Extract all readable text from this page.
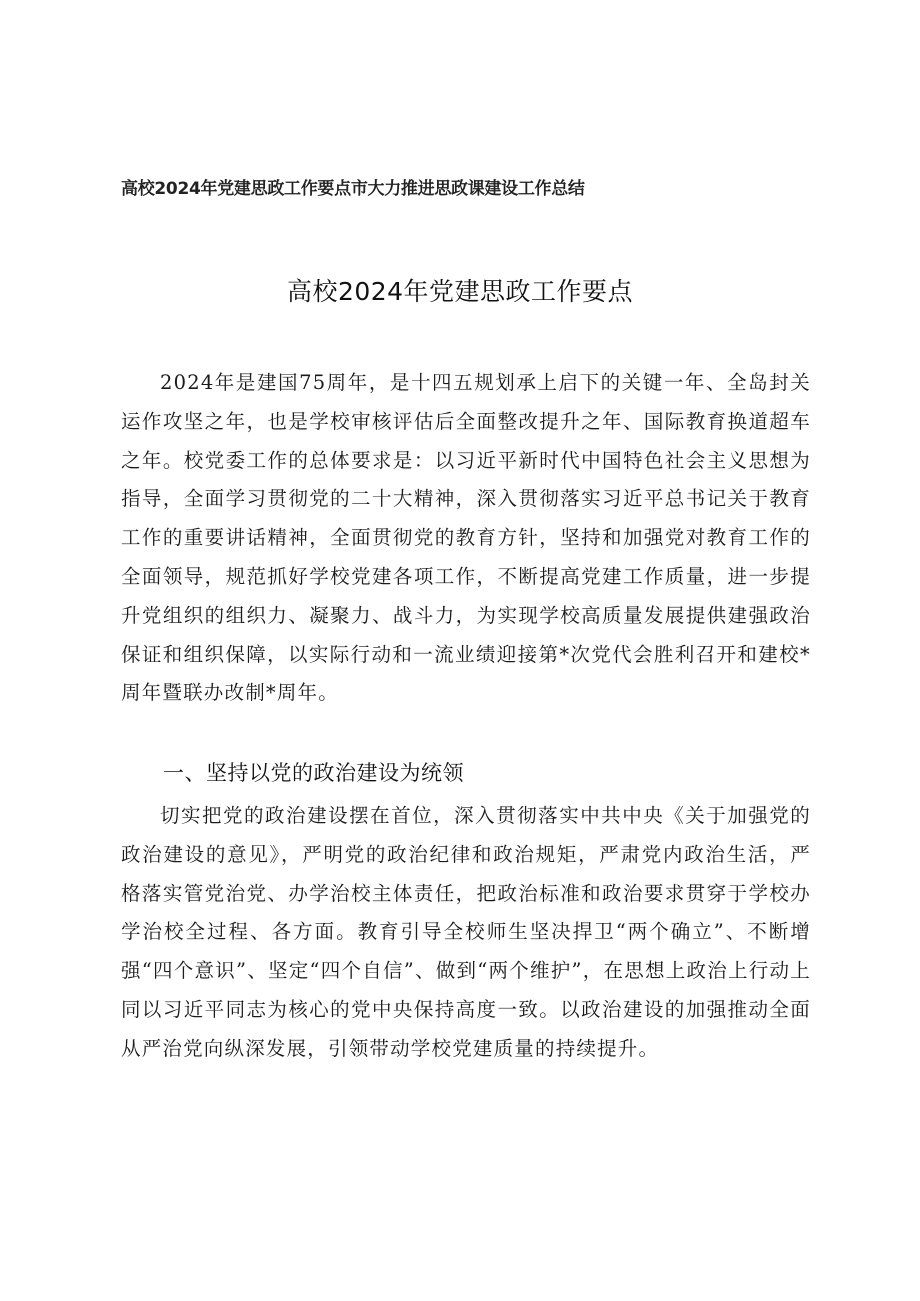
高校2024年党建思政工作要点市大力推进思政课建设工作总结
高校2024年党建思政工作要点

2024年是建国75周年，是十四五规划承上启下的关键一年、全岛封关运作攻坚之年，也是学校审核评估后全面整改提升之年、国际教育换道超车之年。校党委工作的总体要求是：以习近平新时代中国特色社会主义思想为指导，全面学习贯彻党的二十大精神，深入贯彻落实习近平总书记关于教育工作的重要讲话精神，全面贯彻党的教育方针，坚持和加强党对教育工作的全面领导，规范抓好学校党建各项工作，不断提高党建工作质量，进一步提升党组织的组织力、凝聚力、战斗力，为实现学校高质量发展提供建强政治保证和组织保障，以实际行动和一流业绩迎接第*次党代会胜利召开和建校*周年暨联办改制*周年。

一、坚持以党的政治建设为统领

切实把党的政治建设摆在首位，深入贯彻落实中共中央《关于加强党的政治建设的意见》，严明党的政治纪律和政治规矩，严肃党内政治生活，严格落实管党治党、办学治校主体责任，把政治标准和政治要求贯穿于学校办学治校全过程、各方面。教育引导全校师生坚决捍卫“两个确立”、不断增强“四个意识”、坚定“四个自信”、做到“两个维护”，在思想上政治上行动上同以习近平同志为核心的党中央保持高度一致。以政治建设的加强推动全面从严治党向纵深发展，引领带动学校党建质量的持续提升。
